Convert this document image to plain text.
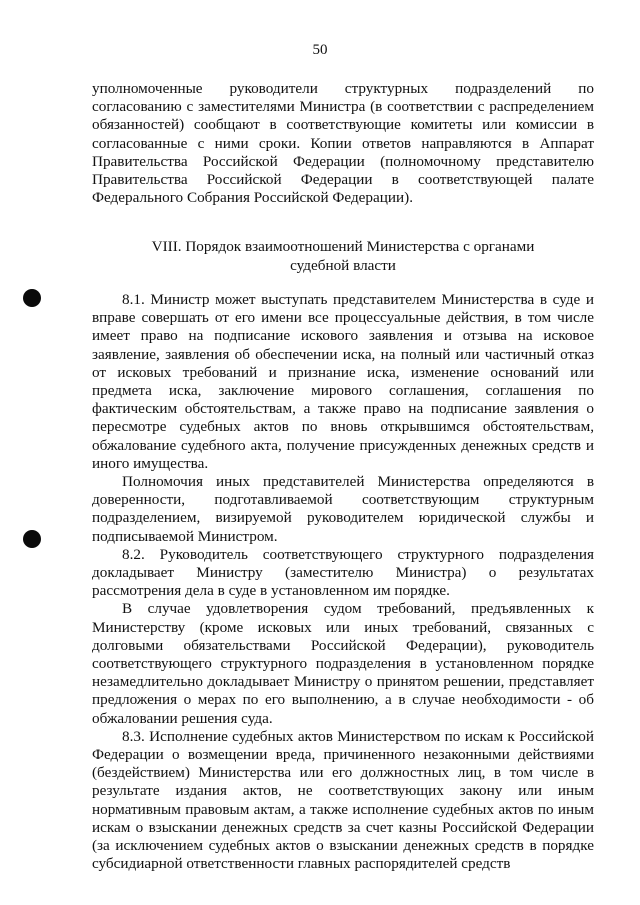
50

уполномоченные руководители структурных подразделений по согласованию с заместителями Министра (в соответствии с распределением обязанностей) сообщают в соответствующие комитеты или комиссии в согласованные с ними сроки. Копии ответов направляются в Аппарат Правительства Российской Федерации (полномочному представителю Правительства Российской Федерации в соответствующей палате Федерального Собрания Российской Федерации).

VIII. Порядок взаимоотношений Министерства с органами
судебной власти

8.1. Министр может выступать представителем Министерства в суде и вправе совершать от его имени все процессуальные действия, в том числе имеет право на подписание искового заявления и отзыва на исковое заявление, заявления об обеспечении иска, на полный или частичный отказ от исковых требований и признание иска, изменение оснований или предмета иска, заключение мирового соглашения, соглашения по фактическим обстоятельствам, а также право на подписание заявления о пересмотре судебных актов по вновь открывшимся обстоятельствам, обжалование судебного акта, получение присужденных денежных средств и иного имущества.

Полномочия иных представителей Министерства определяются в доверенности, подготавливаемой соответствующим структурным подразделением, визируемой руководителем юридической службы и подписываемой Министром.

8.2. Руководитель соответствующего структурного подразделения докладывает Министру (заместителю Министра) о результатах рассмотрения дела в суде в установленном им порядке.

В случае удовлетворения судом требований, предъявленных к Министерству (кроме исковых или иных требований, связанных с долговыми обязательствами Российской Федерации), руководитель соответствующего структурного подразделения в установленном порядке незамедлительно докладывает Министру о принятом решении, представляет предложения о мерах по его выполнению, а в случае необходимости - об обжаловании решения суда.

8.3. Исполнение судебных актов Министерством по искам к Российской Федерации о возмещении вреда, причиненного незаконными действиями (бездействием) Министерства или его должностных лиц, в том числе в результате издания актов, не соответствующих закону или иным нормативным правовым актам, а также исполнение судебных актов по иным искам о взыскании денежных средств за счет казны Российской Федерации (за исключением судебных актов о взыскании денежных средств в порядке субсидиарной ответственности главных распорядителей средств
